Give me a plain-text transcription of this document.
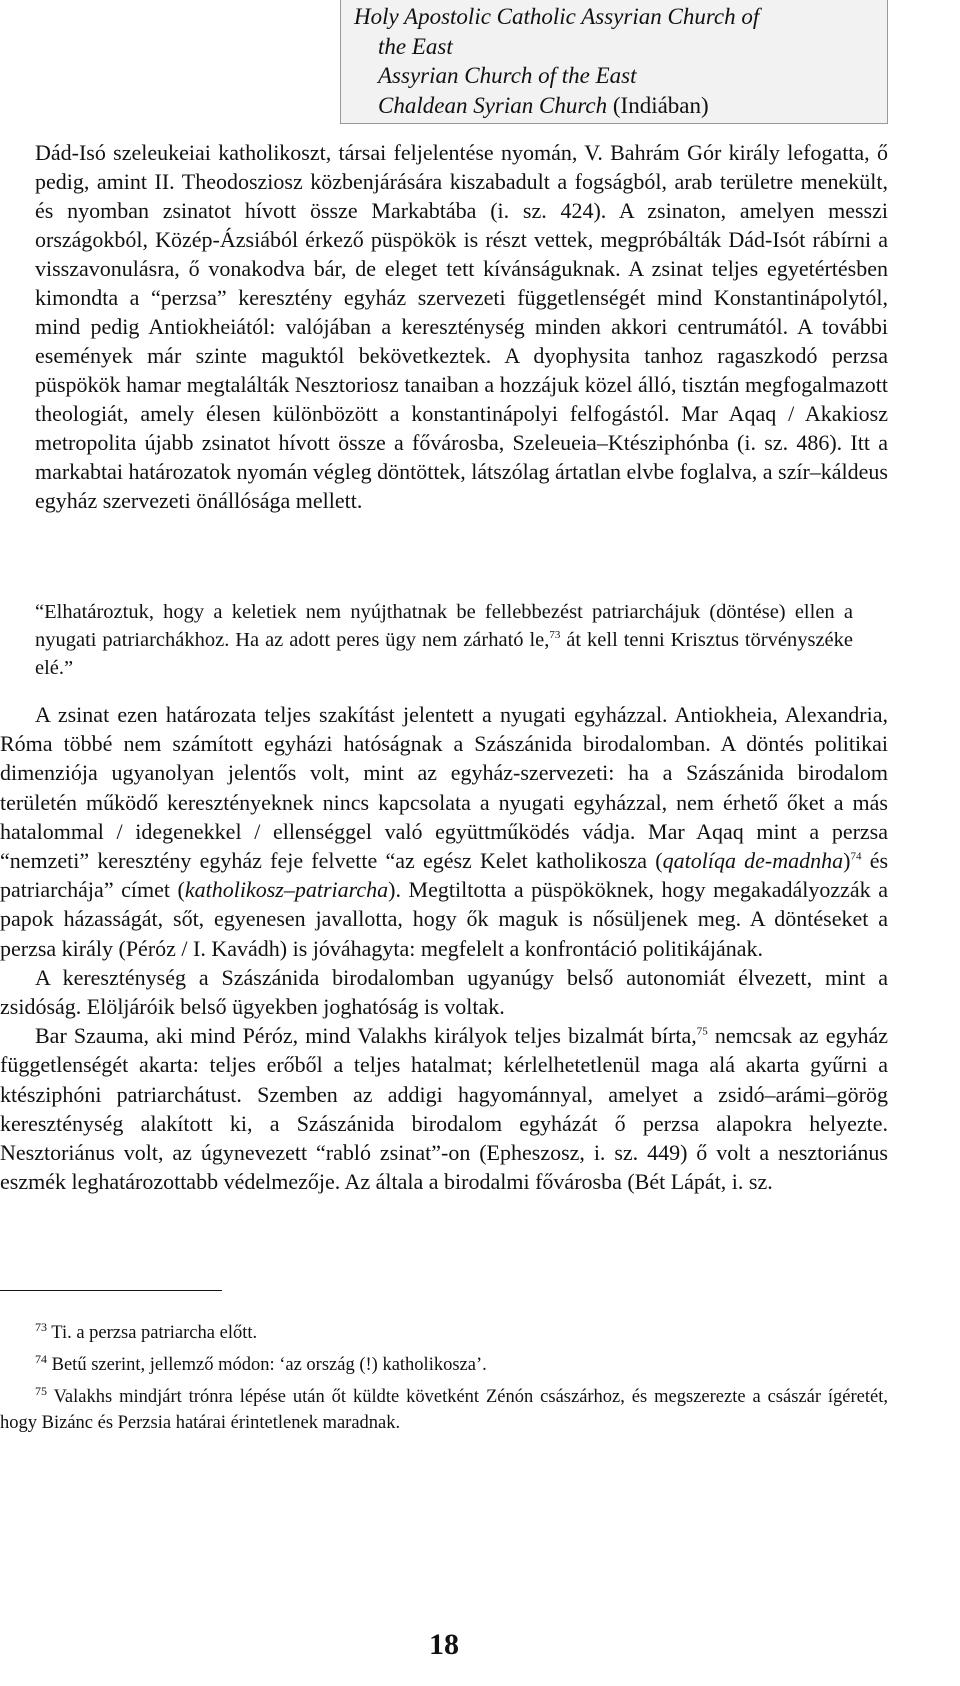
Holy Apostolic Catholic Assyrian Church of
the East
Assyrian Church of the East
Chaldean Syrian Church (Indiában)

Dád-Isó szeleukeiai katholikoszt, társai feljelentése nyomán, V. Bahrám Gór király lefogatta, ő pedig, amint II. Theodosziosz közbenjárására kiszabadult a fogságból, arab területre menekült, és nyomban zsinatot hívott össze Markabtába (i. sz. 424). A zsinaton, amelyen messzi országokból, Közép-Ázsiából érkező püspökök is részt vettek, megpróbálták Dád-Isót rábírni a visszavonulásra, ő vonakodva bár, de eleget tett kívánságuknak. A zsinat teljes egyetértésben kimondta a “perzsa” keresztény egyház szervezeti függetlenségét mind Konstantinápolytól, mind pedig Antiokheiától: valójában a kereszténység minden akkori centrumától. A további események már szinte maguktól bekövetkeztek. A dyophysita tanhoz ragaszkodó perzsa püspökök hamar megtalálták Nesztoriosz tanaiban a hozzájuk közel álló, tisztán megfogalmazott theologiát, amely élesen különbözött a konstantinápolyi felfogástól. Mar Aqaq / Akakiosz metropolita újabb zsinatot hívott össze a fővárosba, Szeleueia–Ktésziphónba (i. sz. 486). Itt a markabtai határozatok nyomán végleg döntöttek, látszólag ártatlan elvbe foglalva, a szír–káldeus egyház szervezeti önállósága mellett.

“Elhatároztuk, hogy a keletiek nem nyújthatnak be fellebbezést patriarchájuk (döntése) ellen a nyugati patriarchákhoz. Ha az adott peres ügy nem zárható le,$^{73}$ át kell tenni Krisztus törvényszéke elé.”

A zsinat ezen határozata teljes szakítást jelentett a nyugati egyházzal. Antiokheia, Alexandria, Róma többé nem számított egyházi hatóságnak a Szászánida birodalomban. A döntés politikai dimenziója ugyanolyan jelentős volt, mint az egyház-szervezeti: ha a Szászánida birodalom területén működő keresztényeknek nincs kapcsolata a nyugati egyházzal, nem érhető őket a más hatalommal / idegenekkel / ellenséggel való együttműködés vádja. Mar Aqaq mint a perzsa “nemzeti” keresztény egyház feje felvette “az egész Kelet katholikosza (qatolíqa de-madnha)$^{74}$ és patriarchája” címet (katholikosz–patriarcha). Megtiltotta a püspököknek, hogy megakadályozzák a papok házasságát, sőt, egyenesen javallotta, hogy ők maguk is nősüljenek meg. A döntéseket a perzsa király (Péróz / I. Kavádh) is jóváhagyta: megfelelt a konfrontáció politikájának.

A kereszténység a Szászánida birodalomban ugyanúgy belső autonomiát élvezett, mint a zsidóság. Elöljáróik belső ügyekben joghatóság is voltak.

Bar Szauma, aki mind Péróz, mind Valakhs királyok teljes bizalmát bírta,$^{75}$ nemcsak az egyház függetlenségét akarta: teljes erőből a teljes hatalmat; kérlelhetetlenül maga alá akarta gyűrni a ktésziphóni patriarchátust. Szemben az addigi hagyománnyal, amelyet a zsidó–arámi–görög kereszténység alakított ki, a Szászánida birodalom egyházát ő perzsa alapokra helyezte. Nesztoriánus volt, az úgynevezett “rabló zsinat”-on (Epheszosz, i. sz. 449) ő volt a nesztoriánus eszmék leghatározottabb védelmezője. Az általa a birodalmi fővárosba (Bét Lápát, i. sz.

$^{73}$ Ti. a perzsa patriarcha előtt.

$^{74}$ Betű szerint, jellemző módon: ‘az ország (!) katholikosza’.

$^{75}$ Valakhs mindjárt trónra lépése után őt küldte követként Zénón császárhoz, és megszerezte a császár ígéretét, hogy Bizánc és Perzsia határai érintetlenek maradnak.

18
